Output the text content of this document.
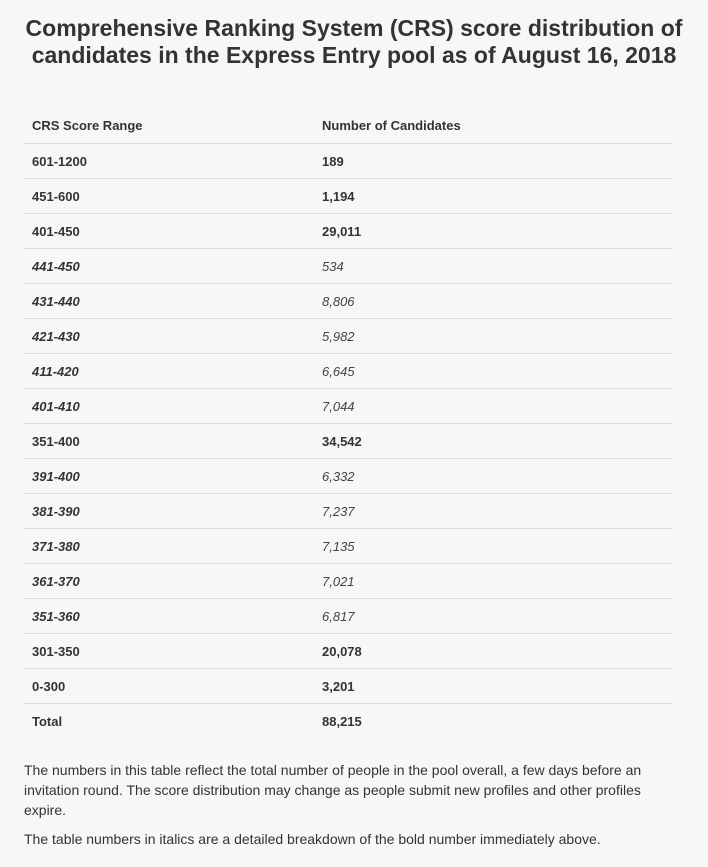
Comprehensive Ranking System (CRS) score distribution of candidates in the Express Entry pool as of August 16, 2018
CRS Score Range	Number of Candidates
601-1200	189
451-600	1,194
401-450	29,011
441-450	534
431-440	8,806
421-430	5,982
411-420	6,645
401-410	7,044
351-400	34,542
391-400	6,332
381-390	7,237
371-380	7,135
361-370	7,021
351-360	6,817
301-350	20,078
0-300	3,201
Total	88,215

The numbers in this table reflect the total number of people in the pool overall, a few days before an invitation round. The score distribution may change as people submit new profiles and other profiles expire.

The table numbers in italics are a detailed breakdown of the bold number immediately above.
